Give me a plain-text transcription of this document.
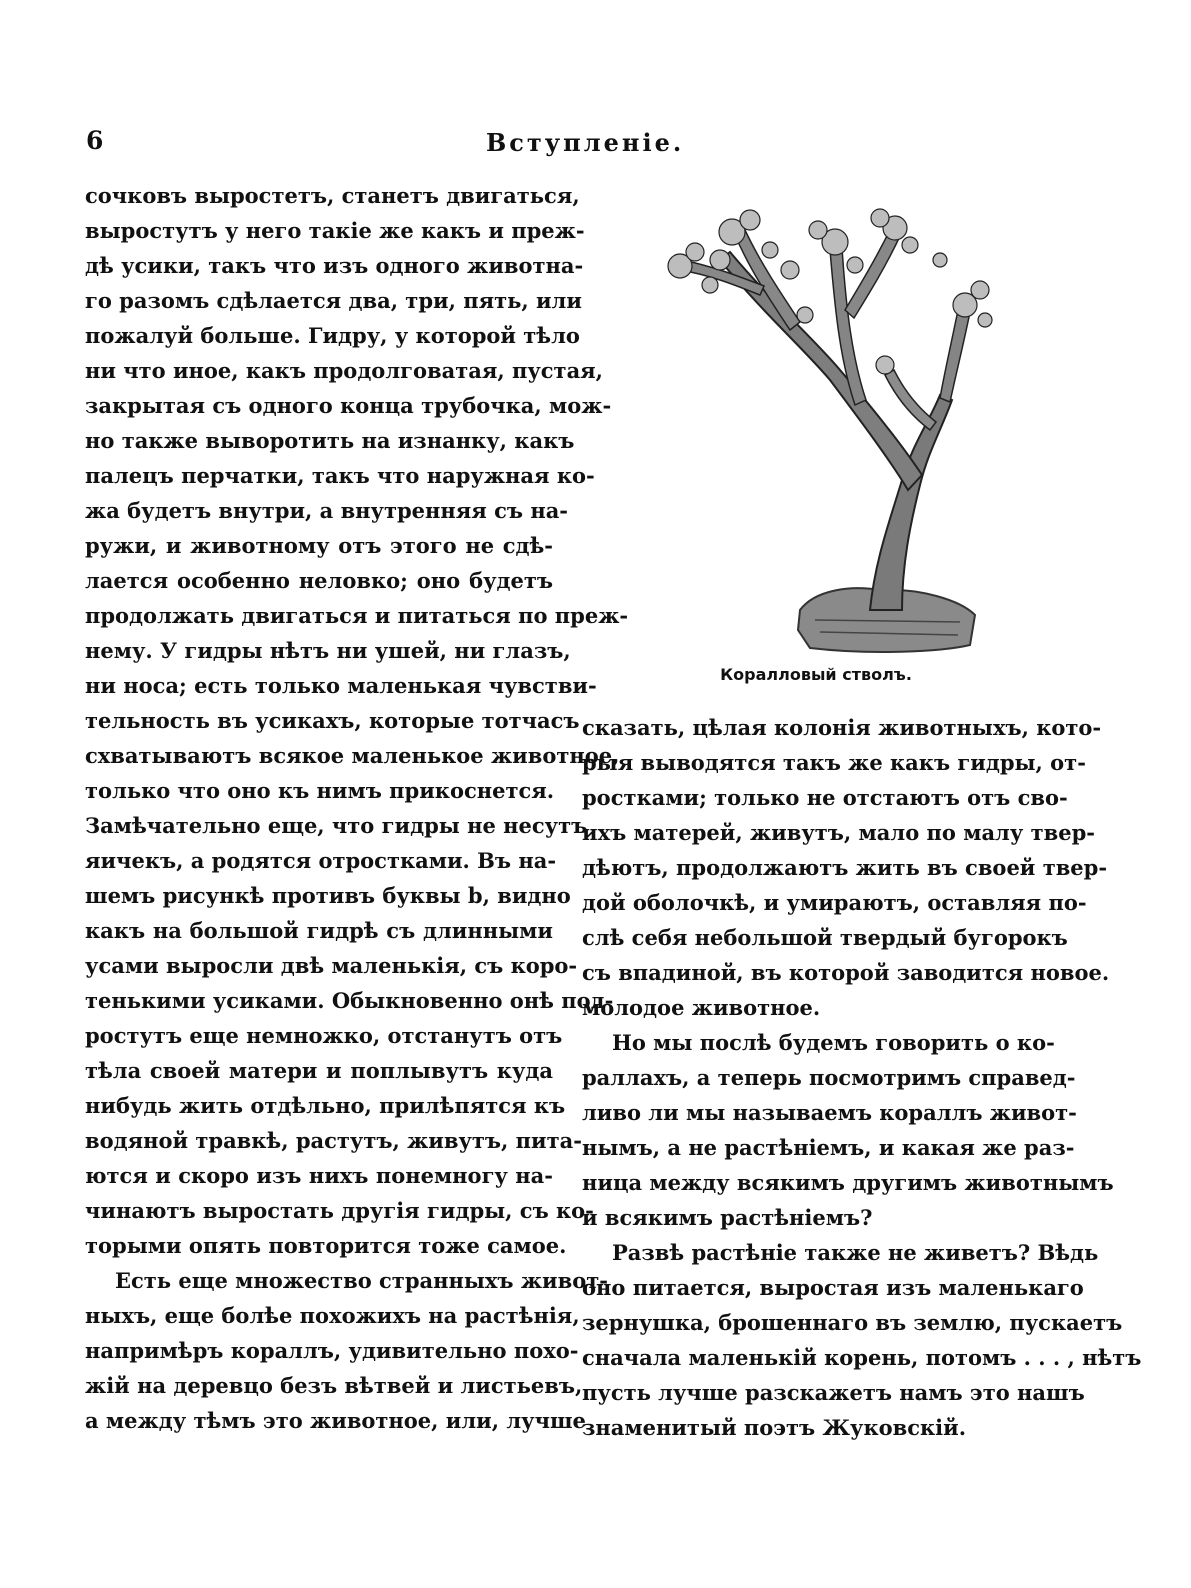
6	Вступленіе.
сочковъ выростетъ, станетъ двигаться,
выростутъ у него такіе же какъ и преж-
дѣ усики, такъ что изъ одного животна-
го разомъ сдѣлается два, три, пять, или
пожалуй больше. Гидру, у которой тѣло
ни что иное, какъ продолговатая, пустая,
закрытая съ одного конца трубочка, мож-
но также выворотить на изнанку, какъ
палецъ перчатки, такъ что наружная ко-
жа будетъ внутри, а внутренняя съ на-
ружи, и животному отъ этого не сдѣ-
лается особенно неловко; оно будетъ
продолжать двигаться и питаться по преж-
нему. У гидры нѣтъ ни ушей, ни глазъ,
ни носа; есть только маленькая чувстви-
тельность въ усикахъ, которые тотчасъ
схватываютъ всякое маленькое животное,
только что оно къ нимъ прикоснется.
Замѣчательно еще, что гидры не несутъ
яичекъ, а родятся отростками. Въ на-
шемъ рисункѣ противъ буквы b, видно
какъ на большой гидрѣ съ длинными
усами выросли двѣ маленькія, съ корo-
тенькими усиками. Обыкновенно онѣ под-
ростутъ еще немножко, отстанутъ отъ
тѣла своей матери и поплывутъ куда
нибудь жить отдѣльно, прилѣпятся къ
водяной травкѣ, растутъ, живутъ, пита-
ются и скоро изъ нихъ понемногу на-
чинаютъ выростать другія гидры, съ ко-
торыми опять повторится тоже самое.
Есть еще множество странныхъ живот-
ныхъ, еще болѣе похожихъ на растѣнія,
напримѣръ кораллъ, удивительно похо-
жій на деревцо безъ вѣтвей и листьевъ,
а между тѣмъ это животное, или, лучше
Коралловый стволъ.
сказать, цѣлая колонія животныхъ, кото-
рыя выводятся такъ же какъ гидры, от-
ростками; только не отстаютъ отъ сво-
ихъ матерей, живутъ, мало по малу твер-
дѣютъ, продолжаютъ жить въ своей твер-
дой оболочкѣ, и умираютъ, оставляя по-
слѣ себя небольшой твердый бугорокъ
съ впадиной, въ которой заводится новое.
молодое животное.
Но мы послѣ будемъ говорить о ко-
раллахъ, а теперь посмотримъ справед-
ливо ли мы называемъ кораллъ живот-
нымъ, а не растѣніемъ, и какая же раз-
ница между всякимъ другимъ животнымъ
и всякимъ растѣніемъ?
Развѣ растѣніе также не живетъ? Вѣдь
оно питается, выростая изъ маленькаго
зернушка, брошеннаго въ землю, пускаетъ
сначала маленькій корень, потомъ . . . , нѣтъ
пусть лучше разскажетъ намъ это нашъ
знаменитый поэтъ Жуковскій.
